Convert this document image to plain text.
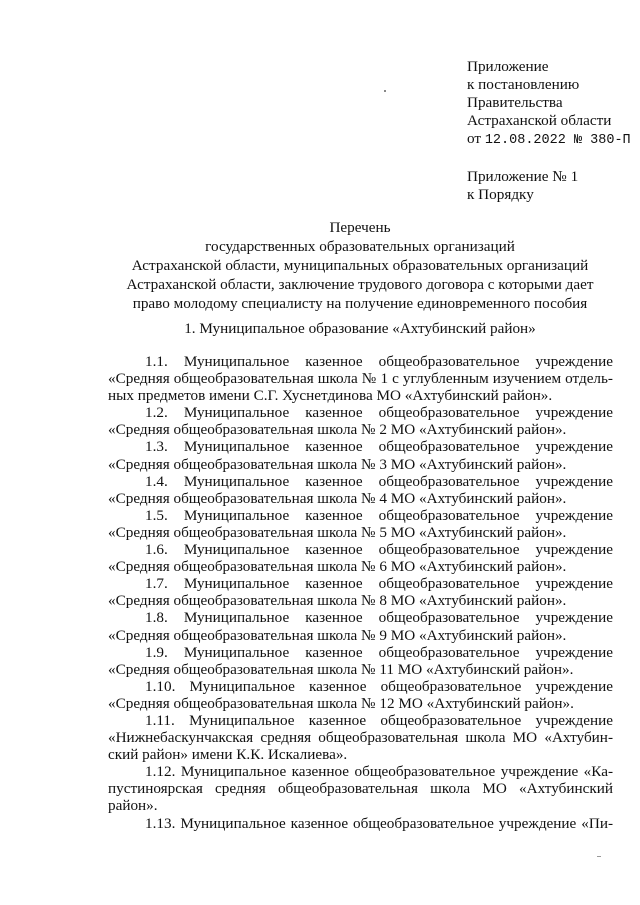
Приложение
к постановлению
Правительства
Астраханской области
от 12.08.2022 № 380-П
Приложение № 1
к Порядку
Перечень
государственных образовательных организаций
Астраханской области, муниципальных образовательных организаций
Астраханской области, заключение трудового договора с которыми дает
право молодому специалисту на получение единовременного пособия
1. Муниципальное образование «Ахтубинский район»
1.1. Муниципальное казенное общеобразовательное учреждение
«Средняя общеобразовательная школа № 1 с углубленным изучением отдель-
ных предметов имени С.Г. Хуснетдинова МО «Ахтубинский район».
1.2. Муниципальное казенное общеобразовательное учреждение
«Средняя общеобразовательная школа № 2 МО «Ахтубинский район».
1.3. Муниципальное казенное общеобразовательное учреждение
«Средняя общеобразовательная школа № 3 МО «Ахтубинский район».
1.4. Муниципальное казенное общеобразовательное учреждение
«Средняя общеобразовательная школа № 4 МО «Ахтубинский район».
1.5. Муниципальное казенное общеобразовательное учреждение
«Средняя общеобразовательная школа № 5 МО «Ахтубинский район».
1.6. Муниципальное казенное общеобразовательное учреждение
«Средняя общеобразовательная школа № 6 МО «Ахтубинский район».
1.7. Муниципальное казенное общеобразовательное учреждение
«Средняя общеобразовательная школа № 8 МО «Ахтубинский район».
1.8. Муниципальное казенное общеобразовательное учреждение
«Средняя общеобразовательная школа № 9 МО «Ахтубинский район».
1.9. Муниципальное казенное общеобразовательное учреждение
«Средняя общеобразовательная школа № 11 МО «Ахтубинский район».
1.10. Муниципальное казенное общеобразовательное учреждение
«Средняя общеобразовательная школа № 12 МО «Ахтубинский район».
1.11. Муниципальное казенное общеобразовательное учреждение
«Нижнебаскунчакская средняя общеобразовательная школа МО «Ахтубин-
ский район» имени К.К. Искалиева».
1.12. Муниципальное казенное общеобразовательное учреждение «Ка-
пустиноярская средняя общеобразовательная школа МО «Ахтубинский
район».
1.13. Муниципальное казенное общеобразовательное учреждение «Пи-
